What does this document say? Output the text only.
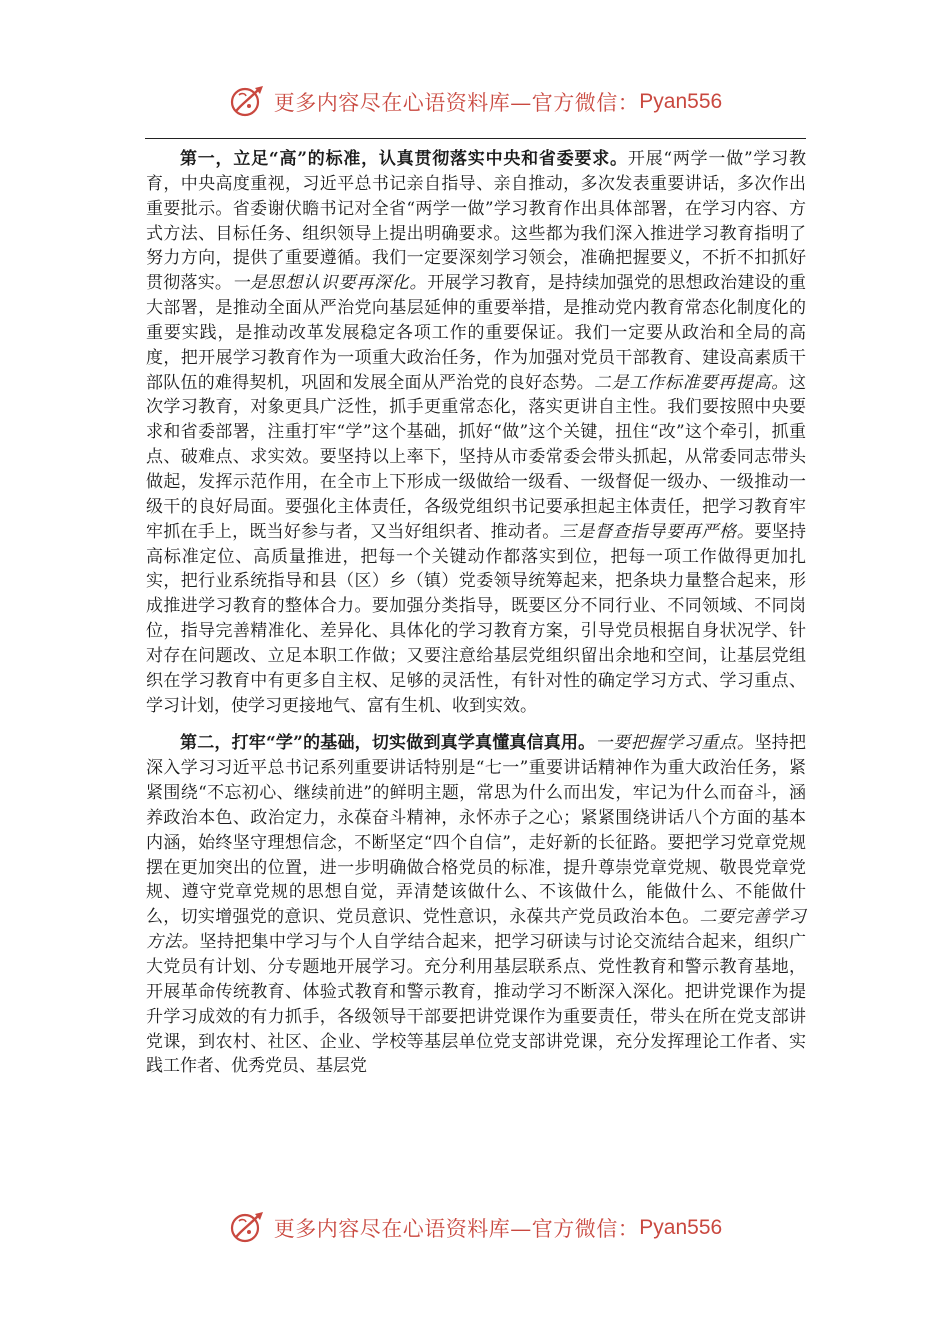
更多内容尽在心语资料库—官方微信： Pyan556

第一，立足“高”的标准，认真贯彻落实中央和省委要求。开展“两学一做”学习教育，中央高度重视，习近平总书记亲自指导、亲自推动，多次发表重要讲话，多次作出重要批示。省委谢伏瞻书记对全省“两学一做”学习教育作出具体部署，在学习内容、方式方法、目标任务、组织领导上提出明确要求。这些都为我们深入推进学习教育指明了努力方向，提供了重要遵循。我们一定要深刻学习领会，准确把握要义，不折不扣抓好贯彻落实。一是思想认识要再深化。开展学习教育，是持续加强党的思想政治建设的重大部署，是推动全面从严治党向基层延伸的重要举措，是推动党内教育常态化制度化的重要实践，是推动改革发展稳定各项工作的重要保证。我们一定要从政治和全局的高度，把开展学习教育作为一项重大政治任务，作为加强对党员干部教育、建设高素质干部队伍的难得契机，巩固和发展全面从严治党的良好态势。二是工作标准要再提高。这次学习教育，对象更具广泛性，抓手更重常态化，落实更讲自主性。我们要按照中央要求和省委部署，注重打牢“学”这个基础，抓好“做”这个关键，扭住“改”这个牵引，抓重点、破难点、求实效。要坚持以上率下，坚持从市委常委会带头抓起，从常委同志带头做起，发挥示范作用，在全市上下形成一级做给一级看、一级督促一级办、一级推动一级干的良好局面。要强化主体责任，各级党组织书记要承担起主体责任，把学习教育牢牢抓在手上，既当好参与者，又当好组织者、推动者。三是督查指导要再严格。要坚持高标准定位、高质量推进，把每一个关键动作都落实到位，把每一项工作做得更加扎实，把行业系统指导和县（区）乡（镇）党委领导统筹起来，把条块力量整合起来，形成推进学习教育的整体合力。要加强分类指导，既要区分不同行业、不同领域、不同岗位，指导完善精准化、差异化、具体化的学习教育方案，引导党员根据自身状况学、针对存在问题改、立足本职工作做；又要注意给基层党组织留出余地和空间，让基层党组织在学习教育中有更多自主权、足够的灵活性，有针对性的确定学习方式、学习重点、学习计划，使学习更接地气、富有生机、收到实效。

第二，打牢“学”的基础，切实做到真学真懂真信真用。一要把握学习重点。坚持把深入学习习近平总书记系列重要讲话特别是“七一”重要讲话精神作为重大政治任务，紧紧围绕“不忘初心、继续前进”的鲜明主题，常思为什么而出发，牢记为什么而奋斗，涵养政治本色、政治定力，永葆奋斗精神，永怀赤子之心；紧紧围绕讲话八个方面的基本内涵，始终坚守理想信念，不断坚定“四个自信”，走好新的长征路。要把学习党章党规摆在更加突出的位置，进一步明确做合格党员的标准，提升尊崇党章党规、敬畏党章党规、遵守党章党规的思想自觉，弄清楚该做什么、不该做什么，能做什么、不能做什么，切实增强党的意识、党员意识、党性意识，永葆共产党员政治本色。二要完善学习方法。坚持把集中学习与个人自学结合起来，把学习研读与讨论交流结合起来，组织广大党员有计划、分专题地开展学习。充分利用基层联系点、党性教育和警示教育基地，开展革命传统教育、体验式教育和警示教育，推动学习不断深入深化。把讲党课作为提升学习成效的有力抓手，各级领导干部要把讲党课作为重要责任，带头在所在党支部讲党课，到农村、社区、企业、学校等基层单位党支部讲党课，充分发挥理论工作者、实践工作者、优秀党员、基层党

更多内容尽在心语资料库—官方微信： Pyan556
